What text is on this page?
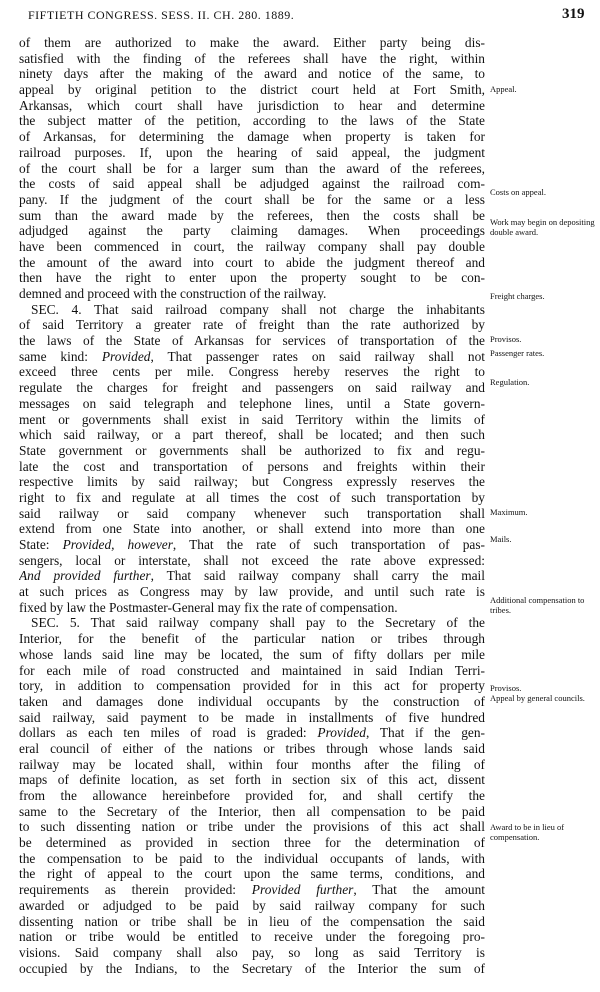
FIFTIETH CONGRESS. SESS. II. CH. 280. 1889.	319
of them are authorized to make the award. Either party being dis-
satisfied with the finding of the referees shall have the right, within
ninety days after the making of the award and notice of the same, to
appeal by original petition to the district court held at Fort Smith,
Arkansas, which court shall have jurisdiction to hear and determine
the subject matter of the petition, according to the laws of the State
of Arkansas, for determining the damage when property is taken for
railroad purposes. If, upon the hearing of said appeal, the judgment
of the court shall be for a larger sum than the award of the referees,
the costs of said appeal shall be adjudged against the railroad com-
pany. If the judgment of the court shall be for the same or a less
sum than the award made by the referees, then the costs shall be
adjudged against the party claiming damages. When proceedings
have been commenced in court, the railway company shall pay double
the amount of the award into court to abide the judgment thereof and
then have the right to enter upon the property sought to be con-
demned and proceed with the construction of the railway.
SEC. 4. That said railroad company shall not charge the inhabitants
of said Territory a greater rate of freight than the rate authorized by
the laws of the State of Arkansas for services of transportation of the
same kind: Provided, That passenger rates on said railway shall not
exceed three cents per mile. Congress hereby reserves the right to
regulate the charges for freight and passengers on said railway and
messages on said telegraph and telephone lines, until a State govern-
ment or governments shall exist in said Territory within the limits of
which said railway, or a part thereof, shall be located; and then such
State government or governments shall be authorized to fix and regu-
late the cost and transportation of persons and freights within their
respective limits by said railway; but Congress expressly reserves the
right to fix and regulate at all times the cost of such transportation by
said railway or said company whenever such transportation shall
extend from one State into another, or shall extend into more than one
State: Provided, however, That the rate of such transportation of pas-
sengers, local or interstate, shall not exceed the rate above expressed:
And provided further, That said railway company shall carry the mail
at such prices as Congress may by law provide, and until such rate is
fixed by law the Postmaster-General may fix the rate of compensation.
SEC. 5. That said railway company shall pay to the Secretary of the
Interior, for the benefit of the particular nation or tribes through
whose lands said line may be located, the sum of fifty dollars per mile
for each mile of road constructed and maintained in said Indian Terri-
tory, in addition to compensation provided for in this act for property
taken and damages done individual occupants by the construction of
said railway, said payment to be made in installments of five hundred
dollars as each ten miles of road is graded: Provided, That if the gen-
eral council of either of the nations or tribes through whose lands said
railway may be located shall, within four months after the filing of
maps of definite location, as set forth in section six of this act, dissent
from the allowance hereinbefore provided for, and shall certify the
same to the Secretary of the Interior, then all compensation to be paid
to such dissenting nation or tribe under the provisions of this act shall
be determined as provided in section three for the determination of
the compensation to be paid to the individual occupants of lands, with
the right of appeal to the court upon the same terms, conditions, and
requirements as therein provided: Provided further, That the amount
awarded or adjudged to be paid by said railway company for such
dissenting nation or tribe shall be in lieu of the compensation the said
nation or tribe would be entitled to receive under the foregoing pro-
visions. Said company shall also pay, so long as said Territory is
occupied by the Indians, to the Secretary of the Interior the sum of
Appeal.
Costs on appeal.
Work may begin on depositing double award.
Freight charges.
Provisos.
Passenger rates.
Regulation.
Maximum.
Mails.
Additional compensation to tribes.
Provisos.
Appeal by general councils.
Award to be in lieu of compensation.
